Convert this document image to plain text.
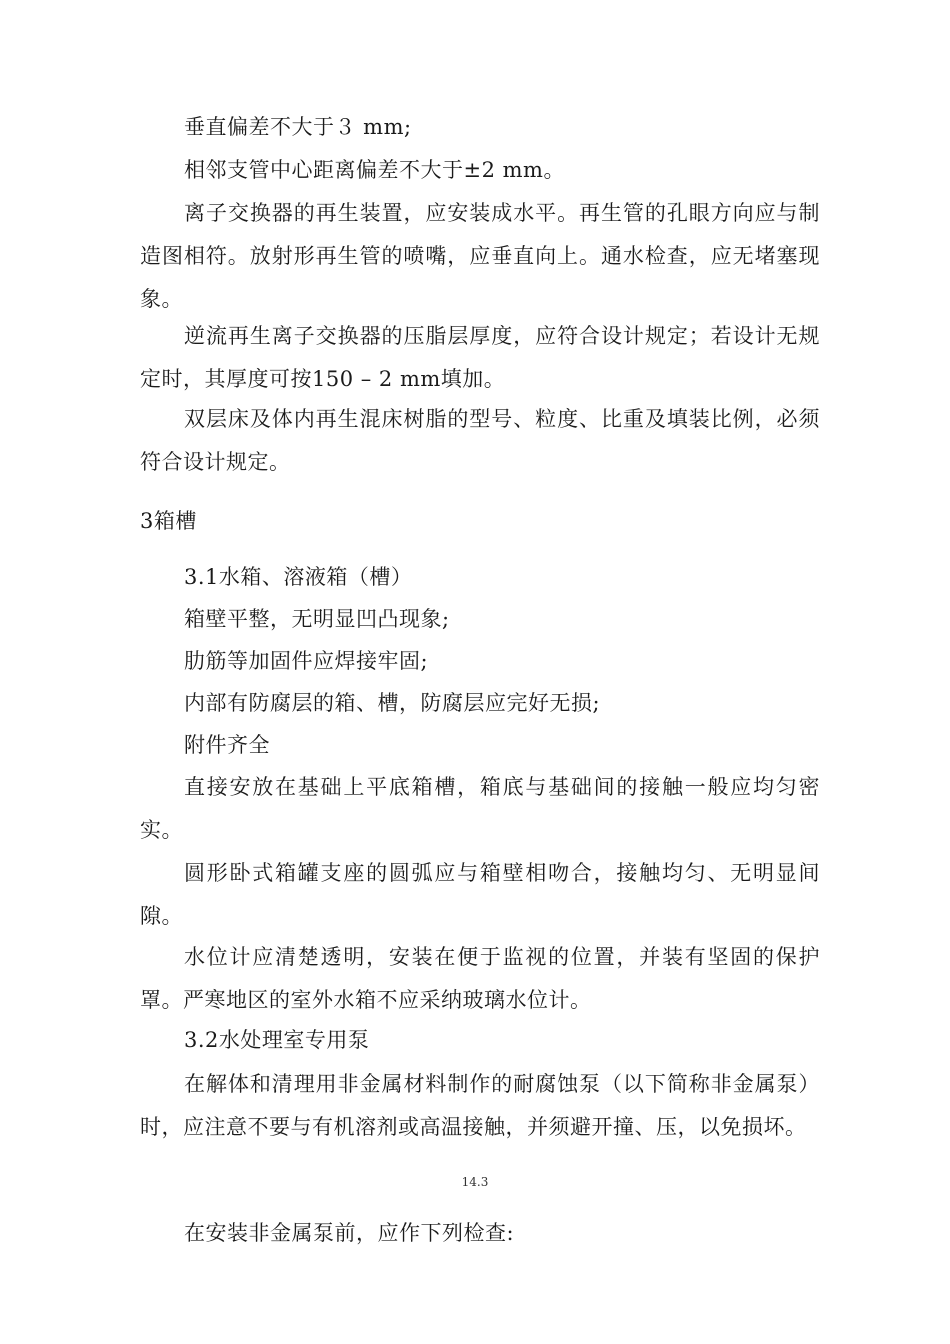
垂直偏差不大于３ mm;

相邻支管中心距离偏差不大于±2 mm。

离子交换器的再生装置，应安装成水平。再生管的孔眼方向应与制造图相符。放射形再生管的喷嘴，应垂直向上。通水检查，应无堵塞现象。

逆流再生离子交换器的压脂层厚度，应符合设计规定；若设计无规定时，其厚度可按150 – 2 mm填加。

双层床及体内再生混床树脂的型号、粒度、比重及填装比例，必须符合设计规定。

3箱槽

3.1水箱、溶液箱（槽）

箱壁平整，无明显凹凸现象;

肋筋等加固件应焊接牢固;

内部有防腐层的箱、槽，防腐层应完好无损;

附件齐全

直接安放在基础上平底箱槽，箱底与基础间的接触一般应均匀密实。

圆形卧式箱罐支座的圆弧应与箱壁相吻合，接触均匀、无明显间隙。

水位计应清楚透明，安装在便于监视的位置，并装有坚固的保护罩。严寒地区的室外水箱不应采纳玻璃水位计。

3.2水处理室专用泵

在解体和清理用非金属材料制作的耐腐蚀泵（以下简称非金属泵）时，应注意不要与有机溶剂或高温接触，并须避开撞、压，以免损坏。

14.3

在安装非金属泵前，应作下列检查:
